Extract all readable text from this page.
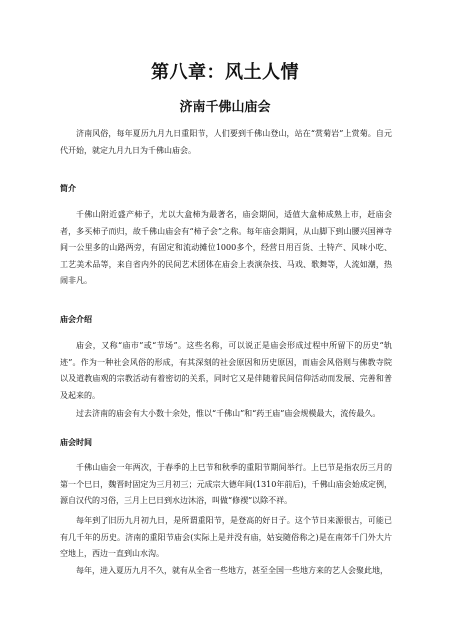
第八章：风土人情
济南千佛山庙会

济南风俗，每年夏历九月九日重阳节，人们要到千佛山登山，站在“赏菊岩”上赏菊。自元代开始，就定九月九日为千佛山庙会。

简介

千佛山附近盛产柿子，尤以大盒柿为最著名，庙会期间，适值大盒柿成熟上市，赶庙会者，多买柿子而归，故千佛山庙会有“柿子会”之称。每年庙会期间，从山脚下到山腰兴国禅寺间一公里多的山路两旁，有固定和流动摊位1000多个，经营日用百货、土特产、风味小吃、工艺美术品等，来自省内外的民间艺术团体在庙会上表演杂技、马戏、歌舞等，人流如潮，热闹非凡。

庙会介绍

庙会，又称“庙市”或“节场”。这些名称，可以说正是庙会形成过程中所留下的历史“轨迹”。作为一种社会风俗的形成，有其深刻的社会原因和历史原因，而庙会风俗则与佛教寺院以及道教庙观的宗教活动有着密切的关系，同时它又是伴随着民间信仰活动而发展、完善和普及起来的。

过去济南的庙会有大小数十余处，惟以“千佛山”和“药王庙”庙会规模最大，流传最久。

庙会时间

千佛山庙会一年两次，于春季的上巳节和秋季的重阳节期间举行。上巳节是指农历三月的第一个巳日，魏晋时固定为三月初三；元成宗大德年间(1310年前后)，千佛山庙会始成定例，源自汉代的习俗，三月上巳日到水边沐浴，叫做“修禊”以除不祥。

每年到了旧历九月初九日，是所谓重阳节，是登高的好日子。这个节日来源很古，可能已有几千年的历史。济南的重阳节庙会(实际上是并没有庙，姑妄随俗称之)是在南郊千门外大片空地上，西边一直到山水沟。

每年，进入夏历九月不久，就有从全省一些地方，甚至全国一些地方来的艺人会聚此地，
